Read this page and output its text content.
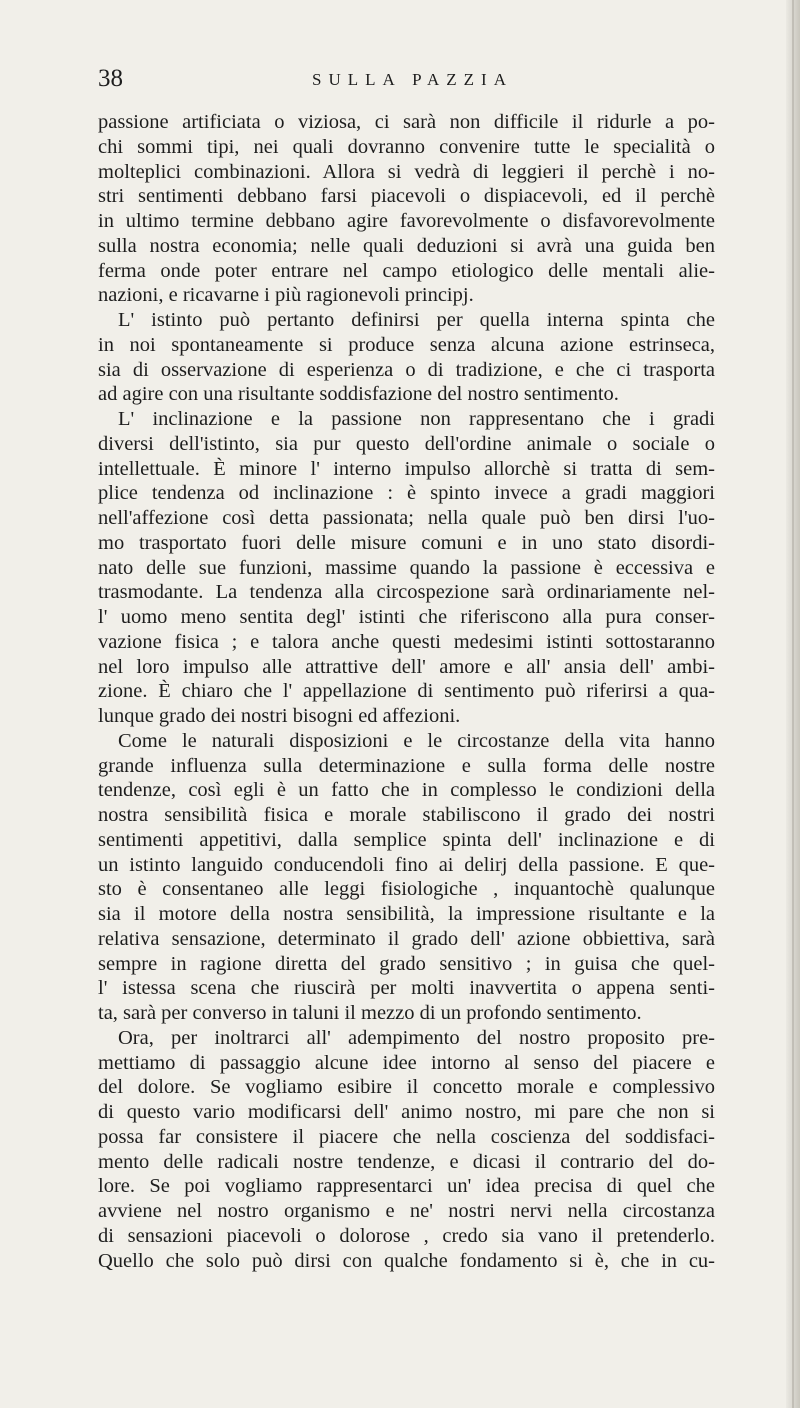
38	SULLA PAZZIA
passione artificiata o viziosa, ci sarà non difficile il ridurle a po-
chi sommi tipi, nei quali dovranno convenire tutte le specialità o
molteplici combinazioni. Allora si vedrà di leggieri il perchè i no-
stri sentimenti debbano farsi piacevoli o dispiacevoli, ed il perchè
in ultimo termine debbano agire favorevolmente o disfavorevolmente
sulla nostra economia; nelle quali deduzioni si avrà una guida ben
ferma onde poter entrare nel campo etiologico delle mentali alie-
nazioni, e ricavarne i più ragionevoli principj.
L' istinto può pertanto definirsi per quella interna spinta che
in noi spontaneamente si produce senza alcuna azione estrinseca,
sia di osservazione di esperienza o di tradizione, e che ci trasporta
ad agire con una risultante soddisfazione del nostro sentimento.
L' inclinazione e la passione non rappresentano che i gradi
diversi dell'istinto, sia pur questo dell'ordine animale o sociale o
intellettuale. È minore l' interno impulso allorchè si tratta di sem-
plice tendenza od inclinazione : è spinto invece a gradi maggiori
nell'affezione così detta passionata; nella quale può ben dirsi l'uo-
mo trasportato fuori delle misure comuni e in uno stato disordi-
nato delle sue funzioni, massime quando la passione è eccessiva e
trasmodante. La tendenza alla circospezione sarà ordinariamente nel-
l' uomo meno sentita degl' istinti che riferiscono alla pura conser-
vazione fisica ; e talora anche questi medesimi istinti sottostaranno
nel loro impulso alle attrattive dell' amore e all' ansia dell' ambi-
zione. È chiaro che l' appellazione di sentimento può riferirsi a qua-
lunque grado dei nostri bisogni ed affezioni.
Come le naturali disposizioni e le circostanze della vita hanno
grande influenza sulla determinazione e sulla forma delle nostre
tendenze, così egli è un fatto che in complesso le condizioni della
nostra sensibilità fisica e morale stabiliscono il grado dei nostri
sentimenti appetitivi, dalla semplice spinta dell' inclinazione e di
un istinto languido conducendoli fino ai delirj della passione. E que-
sto è consentaneo alle leggi fisiologiche , inquantochè qualunque
sia il motore della nostra sensibilità, la impressione risultante e la
relativa sensazione, determinato il grado dell' azione obbiettiva, sarà
sempre in ragione diretta del grado sensitivo ; in guisa che quel-
l' istessa scena che riuscirà per molti inavvertita o appena senti-
ta, sarà per converso in taluni il mezzo di un profondo sentimento.
Ora, per inoltrarci all' adempimento del nostro proposito pre-
mettiamo di passaggio alcune idee intorno al senso del piacere e
del dolore. Se vogliamo esibire il concetto morale e complessivo
di questo vario modificarsi dell' animo nostro, mi pare che non si
possa far consistere il piacere che nella coscienza del soddisfaci-
mento delle radicali nostre tendenze, e dicasi il contrario del do-
lore. Se poi vogliamo rappresentarci un' idea precisa di quel che
avviene nel nostro organismo e ne' nostri nervi nella circostanza
di sensazioni piacevoli o dolorose , credo sia vano il pretenderlo.
Quello che solo può dirsi con qualche fondamento si è, che in cu-
